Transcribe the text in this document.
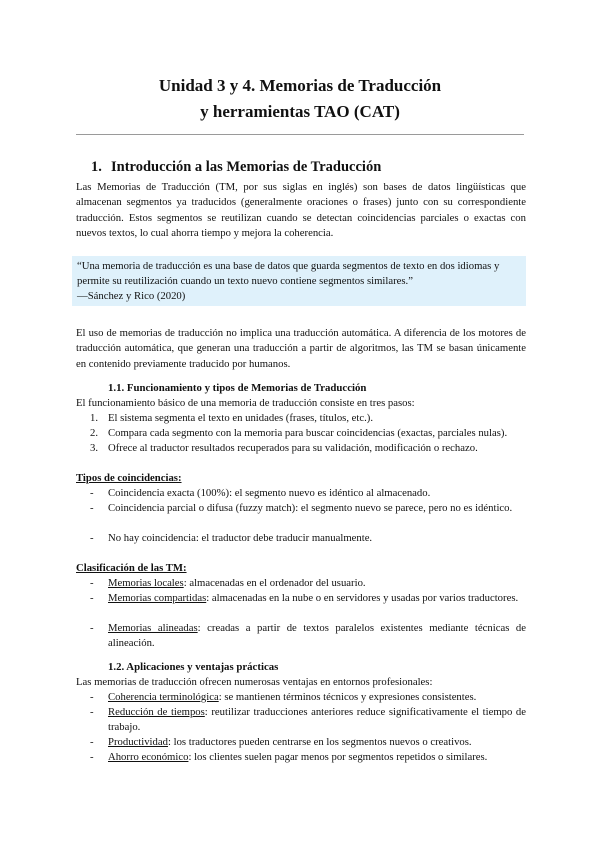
Unidad 3 y 4. Memorias de Traducción
y herramientas TAO (CAT)
1. Introducción a las Memorias de Traducción
Las Memorias de Traducción (TM, por sus siglas en inglés) son bases de datos lingüísticas que almacenan segmentos ya traducidos (generalmente oraciones o frases) junto con su correspondiente traducción. Estos segmentos se reutilizan cuando se detectan coincidencias parciales o exactas con nuevos textos, lo cual ahorra tiempo y mejora la coherencia.
“Una memoria de traducción es una base de datos que guarda segmentos de texto en dos idiomas y permite su reutilización cuando un texto nuevo contiene segmentos similares.”
—Sánchez y Rico (2020)
El uso de memorias de traducción no implica una traducción automática. A diferencia de los motores de traducción automática, que generan una traducción a partir de algoritmos, las TM se basan únicamente en contenido previamente traducido por humanos.
1.1. Funcionamiento y tipos de Memorias de Traducción
El funcionamiento básico de una memoria de traducción consiste en tres pasos:
1. El sistema segmenta el texto en unidades (frases, títulos, etc.).
2. Compara cada segmento con la memoria para buscar coincidencias (exactas, parciales nulas).
3. Ofrece al traductor resultados recuperados para su validación, modificación o rechazo.
Tipos de coincidencias:
- Coincidencia exacta (100%): el segmento nuevo es idéntico al almacenado.
- Coincidencia parcial o difusa (fuzzy match): el segmento nuevo se parece, pero no es idéntico.
- No hay coincidencia: el traductor debe traducir manualmente.
Clasificación de las TM:
- Memorias locales: almacenadas en el ordenador del usuario.
- Memorias compartidas: almacenadas en la nube o en servidores y usadas por varios traductores.
- Memorias alineadas: creadas a partir de textos paralelos existentes mediante técnicas de alineación.
1.2. Aplicaciones y ventajas prácticas
Las memorias de traducción ofrecen numerosas ventajas en entornos profesionales:
- Coherencia terminológica: se mantienen términos técnicos y expresiones consistentes.
- Reducción de tiempos: reutilizar traducciones anteriores reduce significativamente el tiempo de trabajo.
- Productividad: los traductores pueden centrarse en los segmentos nuevos o creativos.
- Ahorro económico: los clientes suelen pagar menos por segmentos repetidos o similares.
